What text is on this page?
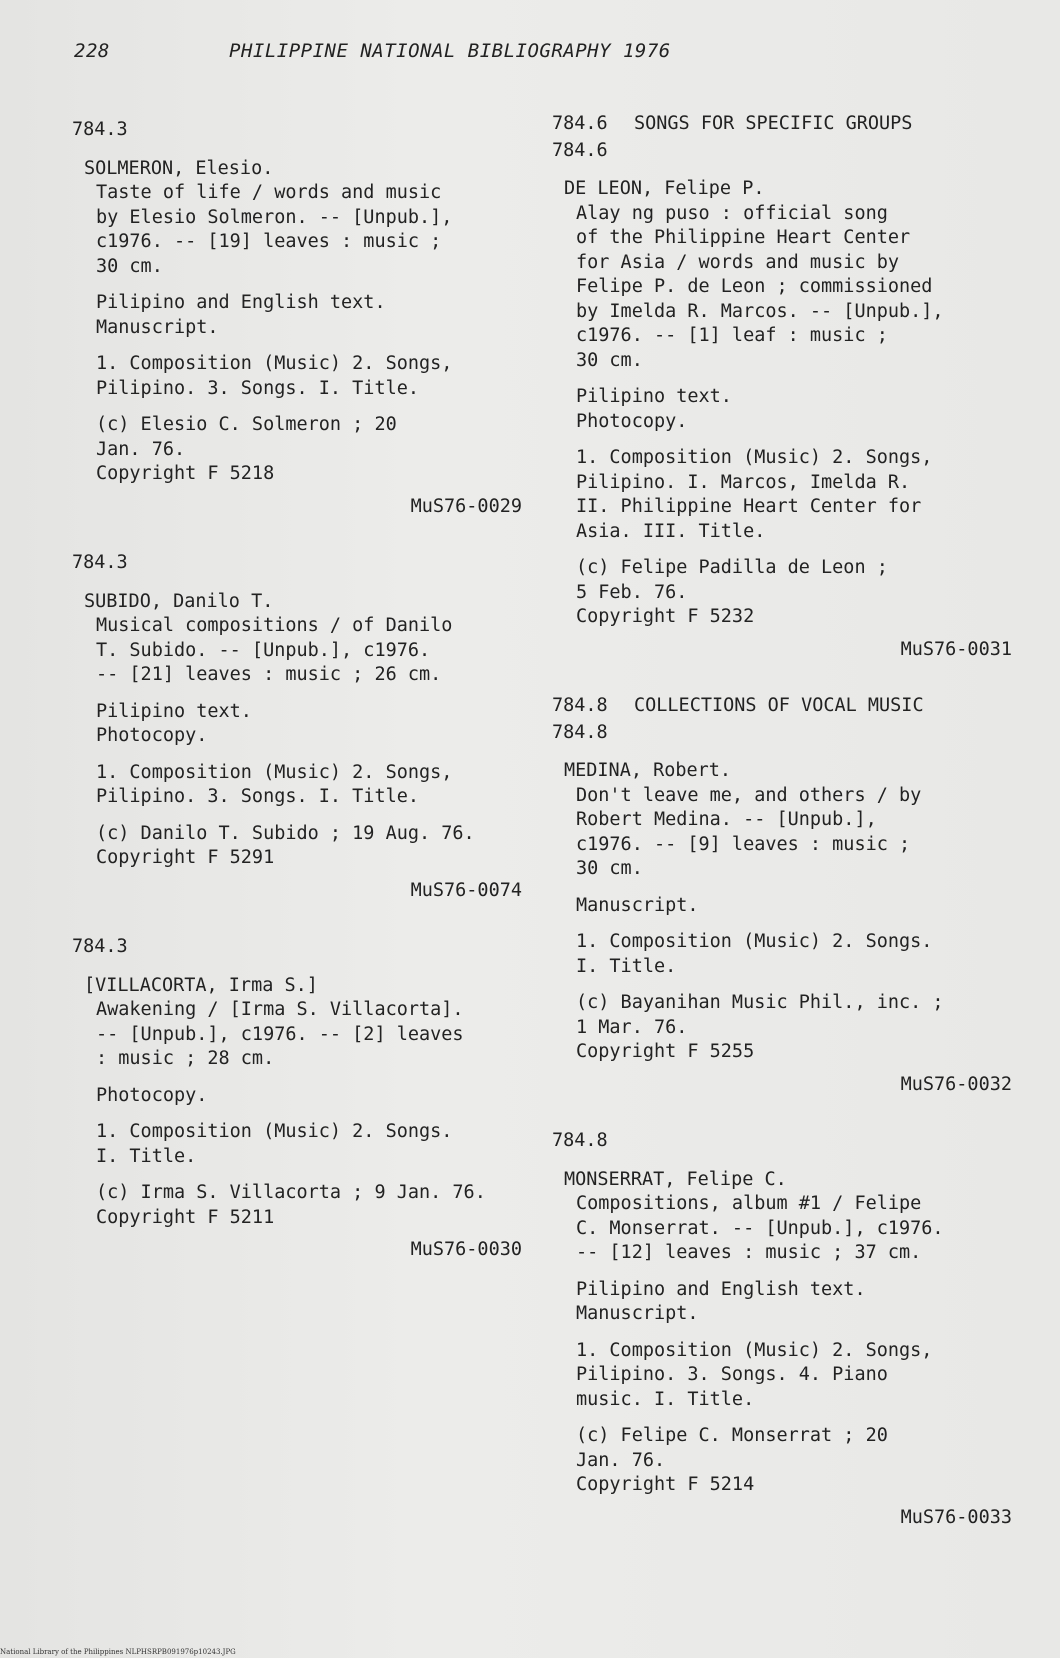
228	PHILIPPINE NATIONAL BIBLIOGRAPHY 1976
784.3
SOLMERON, Elesio.
Taste of life / words and music
by Elesio Solmeron. -- [Unpub.],
c1976. -- [19] leaves : music ;
30 cm.
Pilipino and English text.
Manuscript.
1. Composition (Music) 2. Songs,
Pilipino. 3. Songs. I. Title.
(c) Elesio C. Solmeron ; 20
Jan. 76.
Copyright F 5218
MuS76-0029
784.3
SUBIDO, Danilo T.
Musical compositions / of Danilo
T. Subido. -- [Unpub.], c1976.
-- [21] leaves : music ; 26 cm.
Pilipino text.
Photocopy.
1. Composition (Music) 2. Songs,
Pilipino. 3. Songs. I. Title.
(c) Danilo T. Subido ; 19 Aug. 76.
Copyright F 5291
MuS76-0074
784.3
[VILLACORTA, Irma S.]
Awakening / [Irma S. Villacorta].
-- [Unpub.], c1976. -- [2] leaves
: music ; 28 cm.
Photocopy.
1. Composition (Music) 2. Songs.
I. Title.
(c) Irma S. Villacorta ; 9 Jan. 76.
Copyright F 5211
MuS76-0030
784.6 SONGS FOR SPECIFIC GROUPS
784.6
DE LEON, Felipe P.
Alay ng puso : official song
of the Philippine Heart Center
for Asia / words and music by
Felipe P. de Leon ; commissioned
by Imelda R. Marcos. -- [Unpub.],
c1976. -- [1] leaf : music ;
30 cm.
Pilipino text.
Photocopy.
1. Composition (Music) 2. Songs,
Pilipino. I. Marcos, Imelda R.
II. Philippine Heart Center for
Asia. III. Title.
(c) Felipe Padilla de Leon ;
5 Feb. 76.
Copyright F 5232
MuS76-0031
784.8 COLLECTIONS OF VOCAL MUSIC
784.8
MEDINA, Robert.
Don't leave me, and others / by
Robert Medina. -- [Unpub.],
c1976. -- [9] leaves : music ;
30 cm.
Manuscript.
1. Composition (Music) 2. Songs.
I. Title.
(c) Bayanihan Music Phil., inc. ;
1 Mar. 76.
Copyright F 5255
MuS76-0032
784.8
MONSERRAT, Felipe C.
Compositions, album #1 / Felipe
C. Monserrat. -- [Unpub.], c1976.
-- [12] leaves : music ; 37 cm.
Pilipino and English text.
Manuscript.
1. Composition (Music) 2. Songs,
Pilipino. 3. Songs. 4. Piano
music. I. Title.
(c) Felipe C. Monserrat ; 20
Jan. 76.
Copyright F 5214
MuS76-0033
National Library of the Philippines NLPHSRPB091976p10243.JPG
